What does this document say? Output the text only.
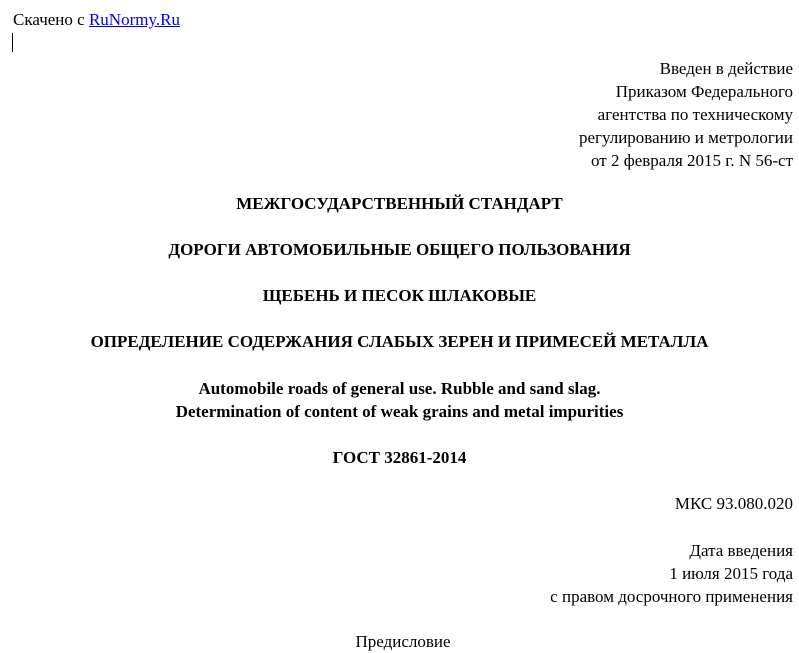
Скачено с RuNormy.Ru
Введен в действие
Приказом Федерального
агентства по техническому
регулированию и метрологии
от 2 февраля 2015 г. N 56-ст
МЕЖГОСУДАРСТВЕННЫЙ СТАНДАРТ
ДОРОГИ АВТОМОБИЛЬНЫЕ ОБЩЕГО ПОЛЬЗОВАНИЯ
ЩЕБЕНЬ И ПЕСОК ШЛАКОВЫЕ
ОПРЕДЕЛЕНИЕ СОДЕРЖАНИЯ СЛАБЫХ ЗЕРЕН И ПРИМЕСЕЙ МЕТАЛЛА
Automobile roads of general use. Rubble and sand slag.
Determination of content of weak grains and metal impurities
ГОСТ 32861-2014
МКС 93.080.020
Дата введения
1 июля 2015 года
с правом досрочного применения
Предисловие
